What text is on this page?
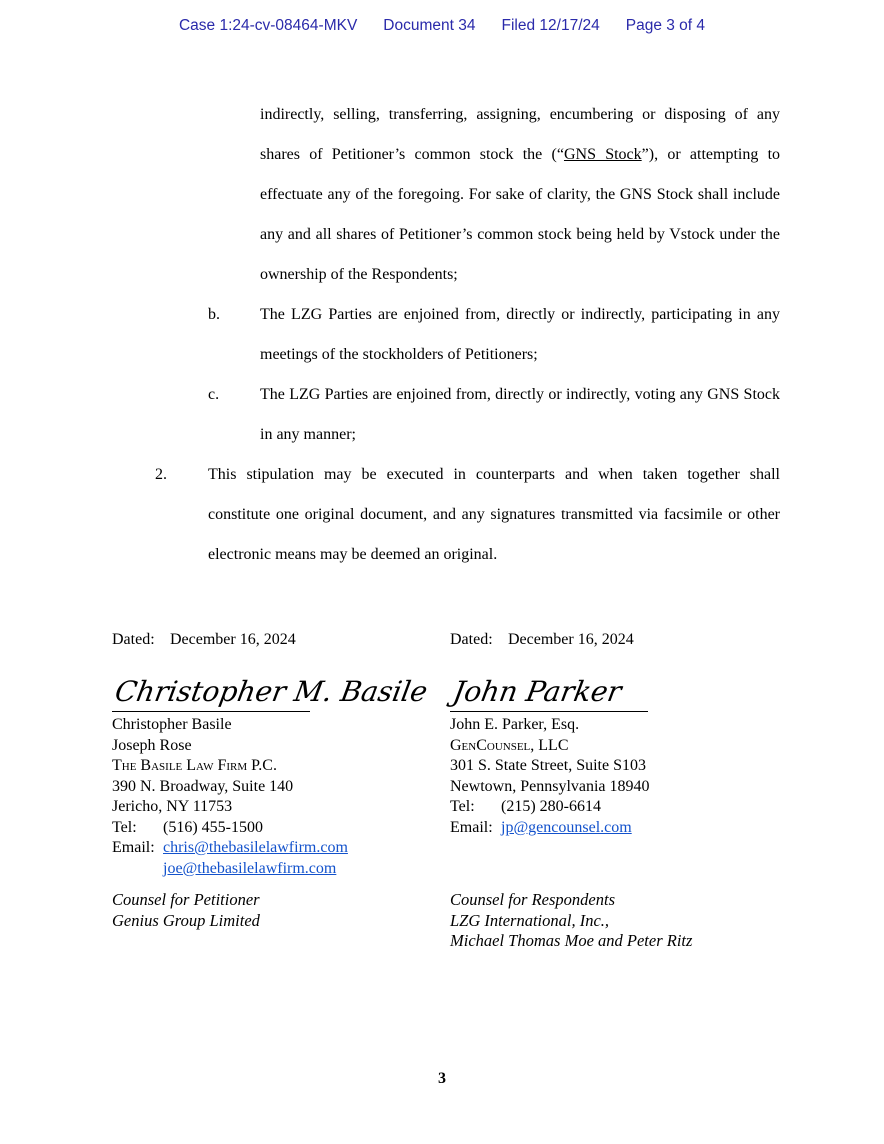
Case 1:24-cv-08464-MKV Document 34 Filed 12/17/24 Page 3 of 4

indirectly, selling, transferring, assigning, encumbering or disposing of any shares of Petitioner’s common stock the (“GNS Stock”), or attempting to effectuate any of the foregoing. For sake of clarity, the GNS Stock shall include any and all shares of Petitioner’s common stock being held by Vstock under the ownership of the Respondents;

b.	The LZG Parties are enjoined from, directly or indirectly, participating in any meetings of the stockholders of Petitioners;
c.	The LZG Parties are enjoined from, directly or indirectly, voting any GNS Stock in any manner;
2.	This stipulation may be executed in counterparts and when taken together shall constitute one original document, and any signatures transmitted via facsimile or other electronic means may be deemed an original.
Dated: December 16, 2024
Christopher M. Basile
Christopher Basile
Joseph Rose
The Basile Law Firm P.C.
390 N. Broadway, Suite 140
Jericho, NY 11753
Tel: (516) 455-1500
Email: chris@thebasilelawfirm.com
joe@thebasilelawfirm.com
Dated: December 16, 2024
John Parker
John E. Parker, Esq.
GenCounsel, LLC
301 S. State Street, Suite S103
Newtown, Pennsylvania 18940
Tel: (215) 280-6614
Email: jp@gencounsel.com
Counsel for Petitioner
Genius Group Limited
Counsel for Respondents
LZG International, Inc.,
Michael Thomas Moe and Peter Ritz
3
